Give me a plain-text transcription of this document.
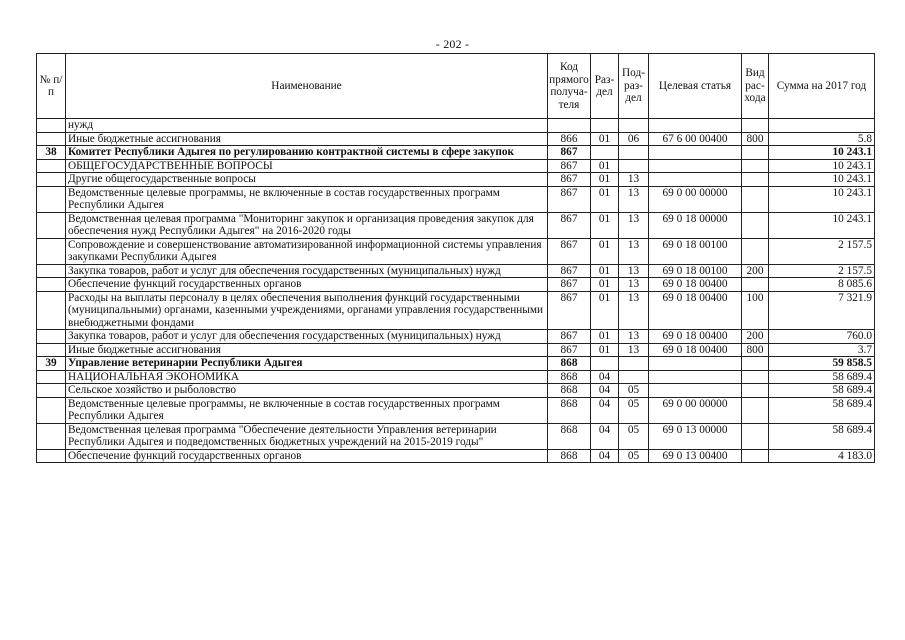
- 202 -
№ п/п	Наименование	Код прямого получа-теля	Раз-дел	Под-раз-дел	Целевая статья	Вид рас-хода	Сумма на 2017 год
	нужд						
	Иные бюджетные ассигнования	866	01	06	67 6 00 00400	800	5.8
38	Комитет Республики Адыгея по регулированию контрактной системы в сфере закупок	867					10 243.1
	ОБЩЕГОСУДАРСТВЕННЫЕ ВОПРОСЫ	867	01				10 243.1
	Другие общегосударственные вопросы	867	01	13			10 243.1
	Ведомственные целевые программы, не включенные в состав государственных программ Республики Адыгея	867	01	13	69 0 00 00000		10 243.1
	Ведомственная целевая программа "Мониторинг закупок и организация проведения закупок для обеспечения нужд Республики Адыгея" на 2016-2020 годы	867	01	13	69 0 18 00000		10 243.1
	Сопровождение и совершенствование автоматизированной информационной системы управления закупками Республики Адыгея	867	01	13	69 0 18 00100		2 157.5
	Закупка товаров, работ и услуг для обеспечения государственных (муниципальных) нужд	867	01	13	69 0 18 00100	200	2 157.5
	Обеспечение функций государственных органов	867	01	13	69 0 18 00400		8 085.6
	Расходы на выплаты персоналу в целях обеспечения выполнения функций государственными (муниципальными) органами, казенными учреждениями, органами управления государственными внебюджетными фондами	867	01	13	69 0 18 00400	100	7 321.9
	Закупка товаров, работ и услуг для обеспечения государственных (муниципальных) нужд	867	01	13	69 0 18 00400	200	760.0
	Иные бюджетные ассигнования	867	01	13	69 0 18 00400	800	3.7
39	Управление ветеринарии Республики Адыгея	868					59 858.5
	НАЦИОНАЛЬНАЯ ЭКОНОМИКА	868	04				58 689.4
	Сельское хозяйство и рыболовство	868	04	05			58 689.4
	Ведомственные целевые программы, не включенные в состав государственных программ Республики Адыгея	868	04	05	69 0 00 00000		58 689.4
	Ведомственная целевая программа "Обеспечение деятельности Управления ветеринарии Республики Адыгея и подведомственных бюджетных учреждений на 2015-2019 годы"	868	04	05	69 0 13 00000		58 689.4
	Обеспечение функций государственных органов	868	04	05	69 0 13 00400		4 183.0
